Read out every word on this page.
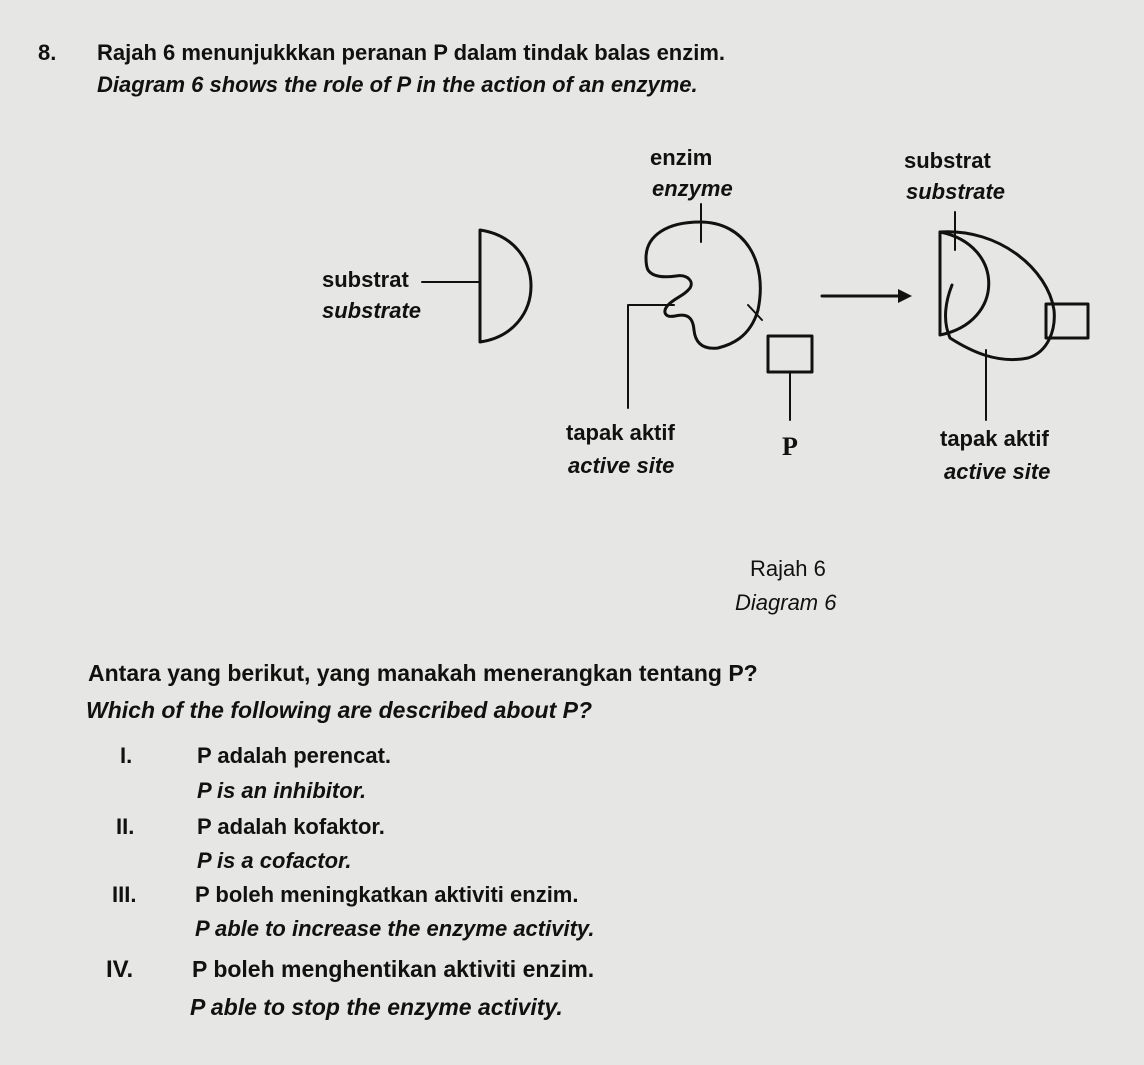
8. Rajah 6 menunjukkkan peranan P dalam tindak balas enzim.
Diagram 6 shows the role of P in the action of an enzyme.
substrat
substrate
enzim
enzyme
substrat
substrate
tapak aktif
active site
P	tapak aktif
active site
Rajah 6
Diagram 6
Antara yang berikut, yang manakah menerangkan tentang P?
Which of the following are described about P?
I.	P adalah perencat.
P is an inhibitor.
II.	P adalah kofaktor.
P is a cofactor.
III.	P boleh meningkatkan aktiviti enzim.
P able to increase the enzyme activity.
IV.	P boleh menghentikan aktiviti enzim.
P able to stop the enzyme activity.
